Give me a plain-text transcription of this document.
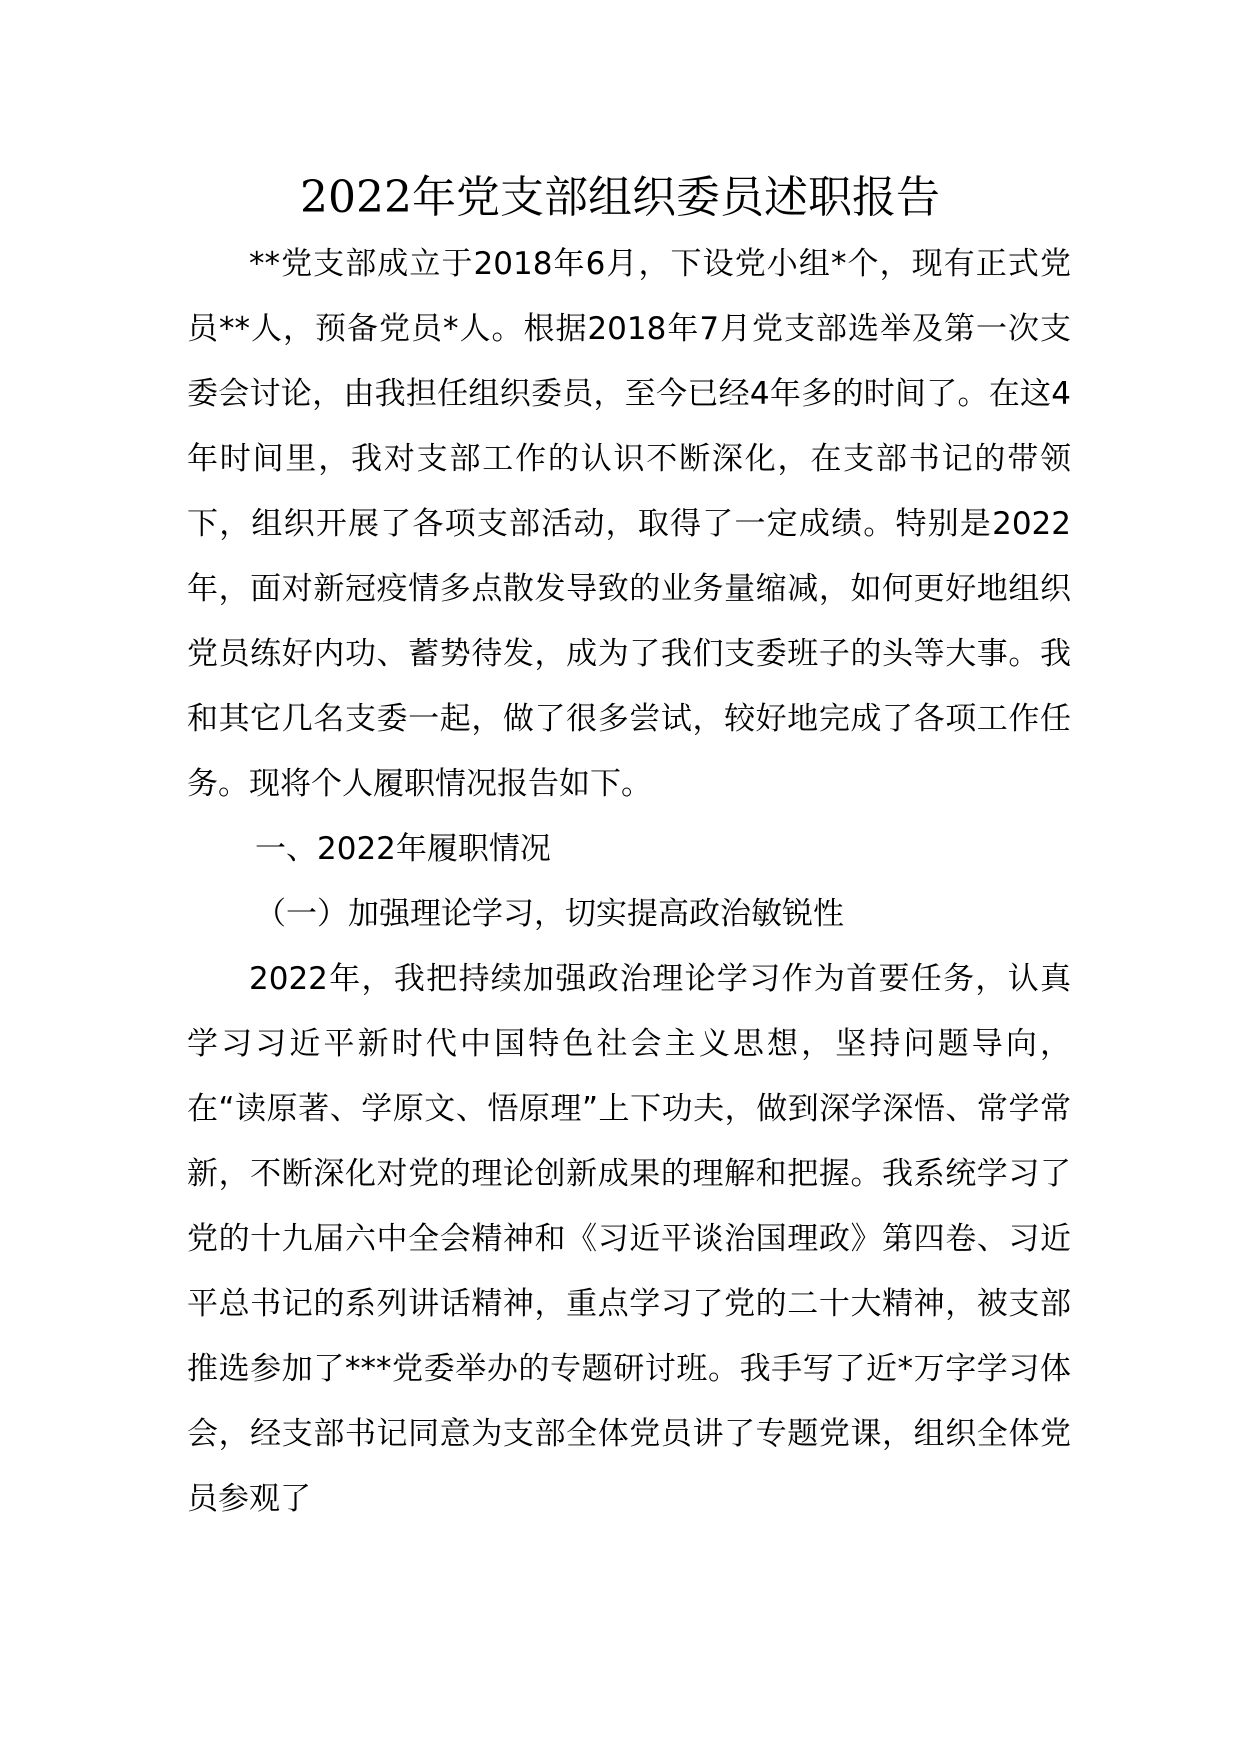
2022年党支部组织委员述职报告

**党支部成立于2018年6月，下设党小组*个，现有正式党员**人，预备党员*人。根据2018年7月党支部选举及第一次支委会讨论，由我担任组织委员，至今已经4年多的时间了。在这4年时间里，我对支部工作的认识不断深化，在支部书记的带领下，组织开展了各项支部活动，取得了一定成绩。特别是2022年，面对新冠疫情多点散发导致的业务量缩减，如何更好地组织党员练好内功、蓄势待发，成为了我们支委班子的头等大事。我和其它几名支委一起，做了很多尝试，较好地完成了各项工作任务。现将个人履职情况报告如下。

一、2022年履职情况

（一）加强理论学习，切实提高政治敏锐性

2022年，我把持续加强政治理论学习作为首要任务，认真学习习近平新时代中国特色社会主义思想，坚持问题导向，在“读原著、学原文、悟原理”上下功夫，做到深学深悟、常学常新，不断深化对党的理论创新成果的理解和把握。我系统学习了党的十九届六中全会精神和《习近平谈治国理政》第四卷、习近平总书记的系列讲话精神，重点学习了党的二十大精神，被支部推选参加了***党委举办的专题研讨班。我手写了近*万字学习体会，经支部书记同意为支部全体党员讲了专题党课，组织全体党员参观了
